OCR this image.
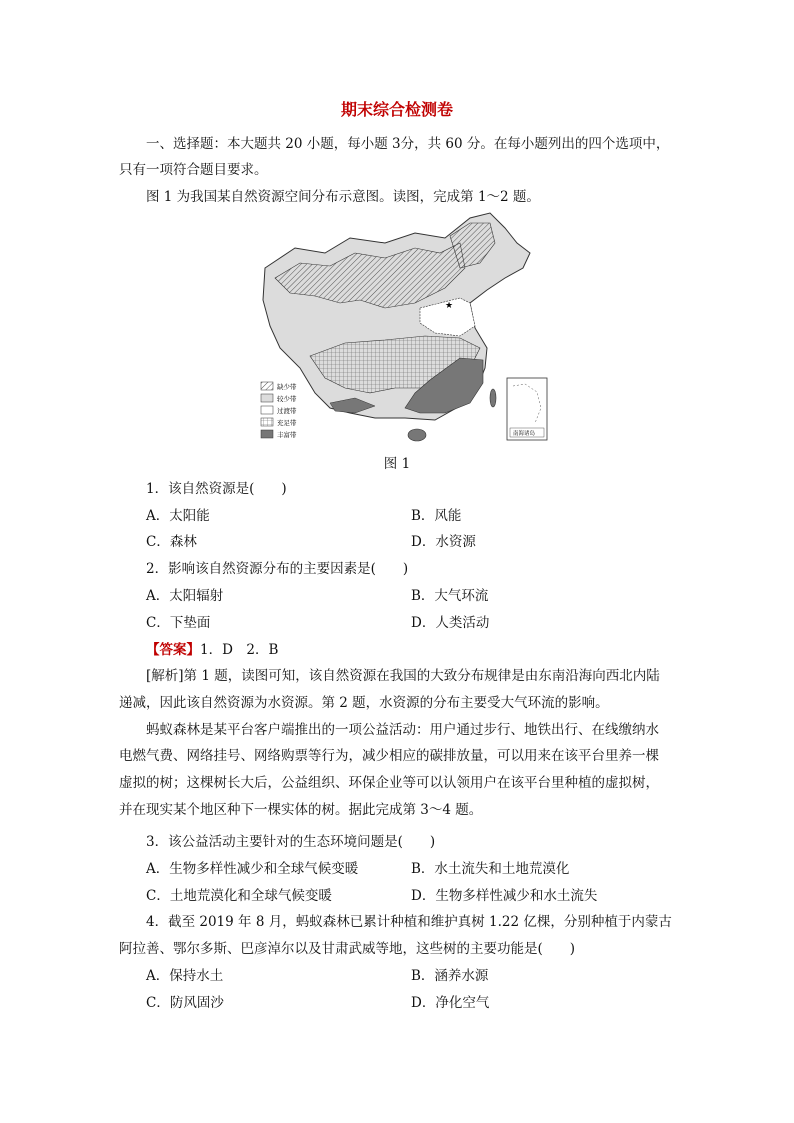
期末综合检测卷
一、选择题：本大题共 20 小题，每小题 3分，共 60 分。在每小题列出的四个选项中，
只有一项符合题目要求。
图 1 为我国某自然资源空间分布示意图。读图，完成第 1～2 题。
★
缺少带
较少带
过渡带
充足带
丰富带	南海诸岛
图 1
1．该自然资源是(　　)
A．太阳能	B．风能
C．森林	D．水资源
2．影响该自然资源分布的主要因素是(　　)
A．太阳辐射	B．大气环流
C．下垫面	D．人类活动
【答案】1．D　2．B
[解析]第 1 题，读图可知，该自然资源在我国的大致分布规律是由东南沿海向西北内陆
递减，因此该自然资源为水资源。第 2 题，水资源的分布主要受大气环流的影响。
蚂蚁森林是某平台客户端推出的一项公益活动：用户通过步行、地铁出行、在线缴纳水
电燃气费、网络挂号、网络购票等行为，减少相应的碳排放量，可以用来在该平台里养一棵
虚拟的树；这棵树长大后，公益组织、环保企业等可以认领用户在该平台里种植的虚拟树，
并在现实某个地区种下一棵实体的树。据此完成第 3～4 题。
3．该公益活动主要针对的生态环境问题是(　　)
A．生物多样性减少和全球气候变暖	B．水土流失和土地荒漠化
C．土地荒漠化和全球气候变暖	D．生物多样性减少和水土流失
4．截至 2019 年 8 月，蚂蚁森林已累计种植和维护真树 1.22 亿棵，分别种植于内蒙古
阿拉善、鄂尔多斯、巴彦淖尔以及甘肃武威等地，这些树的主要功能是(　　)
A．保持水土	B．涵养水源
C．防风固沙	D．净化空气
